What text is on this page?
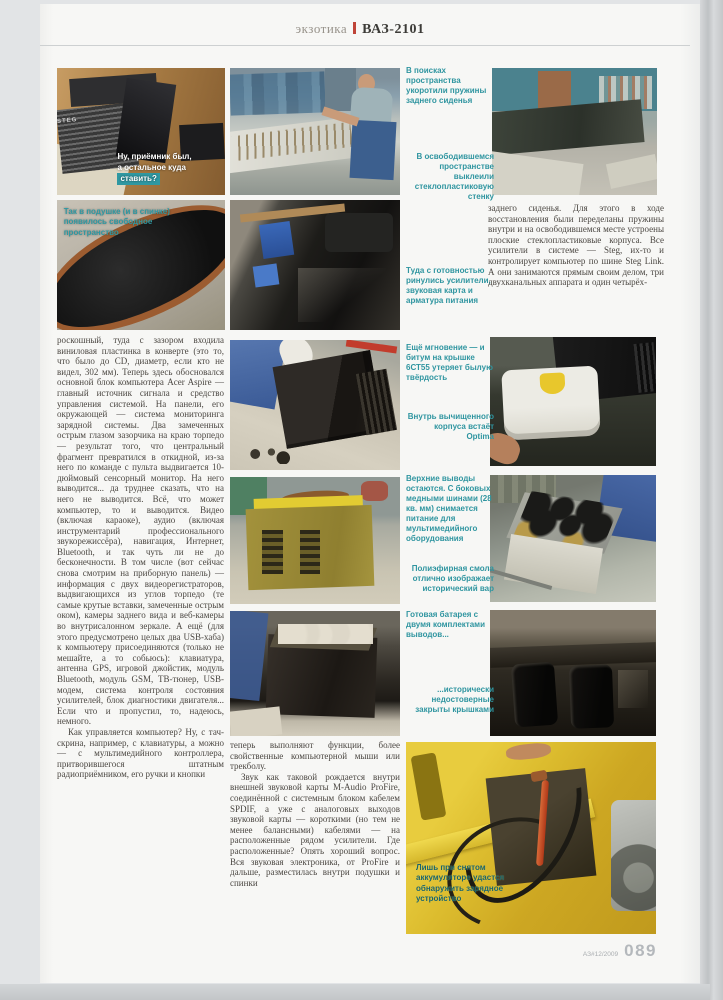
экзотика ВАЗ-2101
STEG
Ну, приёмник был,
а остальное куда
ставить?
Так в подушке (и в спинке) появилось свободное пространство
Лишь при снятом аккумуляторе удастся обнаружить зарядное устройство
В поисках пространства укоротили пружины заднего сиденья
В освободившемся пространстве выклеили стеклопластиковую стенку
Туда с готовностью ринулись усилители, звуковая карта и арматура питания
Ещё мгновение — и битум на крышке 6СТ55 утеряет былую твёрдость
Внутрь вычищенного корпуса встаёт Optima
Верхние выводы остаются. С боковых медными шинами (28 кв. мм) снимается питание для мультимедийного оборудования
Полиэфирная смола отлично изображает исторический вар
Готовая батарея с двумя комплектами выводов...
...исторически недостоверные закрыты крышками

роскошный, туда с зазором входила виниловая пластинка в конверте (это то, что было до CD, диаметр, если кто не видел, 302 мм). Теперь здесь обосновался основной блок компьютера Acer Aspire — главный источник сигнала и средство управления системой. На панели, его окружающей — система мониторинга зарядной системы. Два замеченных острым глазом зазорчика на краю торпедо — результат того, что центральный фрагмент превратился в откидной, из-за него по команде с пульта выдвигается 10-дюймовый сенсорный монитор. На него выводится... да труднее сказать, что на него не выводится. Всё, что может компьютер, то и выводится. Видео (включая караоке), аудио (включая инструментарий профессионального звукорежиссёра), навигация, Интернет, Bluetooth, и так чуть ли не до бесконечности. В том числе (вот сейчас снова смотрим на приборную панель) — информация с двух видеорегистраторов, выдвигающихся из углов торпедо (те самые крутые вставки, замеченные острым оком), камеры заднего вида и веб-камеры во внутрисалонном зеркале. А ещё (для этого предусмотрено целых два USB-хаба) к компьютеру присоединяются (только не мешайте, а то собьюсь): клавиатура, антенна GPS, игровой джойстик, модуль Bluetooth, модуль GSM, ТВ-тюнер, USB-модем, система контроля состояния усилителей, блок диагностики двигателя... Если что и пропустил, то, надеюсь, немного.

Как управляется компьютер? Ну, с тач-скрина, например, с клавиатуры, а можно — с мультимедийного контроллера, притворившегося штатным радиоприёмником, его ручки и кнопки

теперь выполняют функции, более свойственные компьютерной мыши или трекболу.

Звук как таковой рождается внутри внешней звуковой карты M-Audio ProFire, соединённой с системным блоком кабелем SPDIF, а уже с аналоговых выходов звуковой карты — короткими (но тем не менее балансными) кабелями — на расположенные рядом усилители. Где расположенные? Опять хороший вопрос. Вся звуковая электроника, от ProFire и дальше, разместилась внутри подушки и спинки

заднего сиденья. Для этого в ходе восстановления были переделаны пружины внутри и на освободившемся месте устроены плоские стеклопластиковые корпуса. Все усилители в системе — Steg, их-то и контролирует компьютер по шине Steg Link. А они занимаются прямым своим делом, три двухканальных аппарата и один четырёх-

АЗ#12/2009 089
